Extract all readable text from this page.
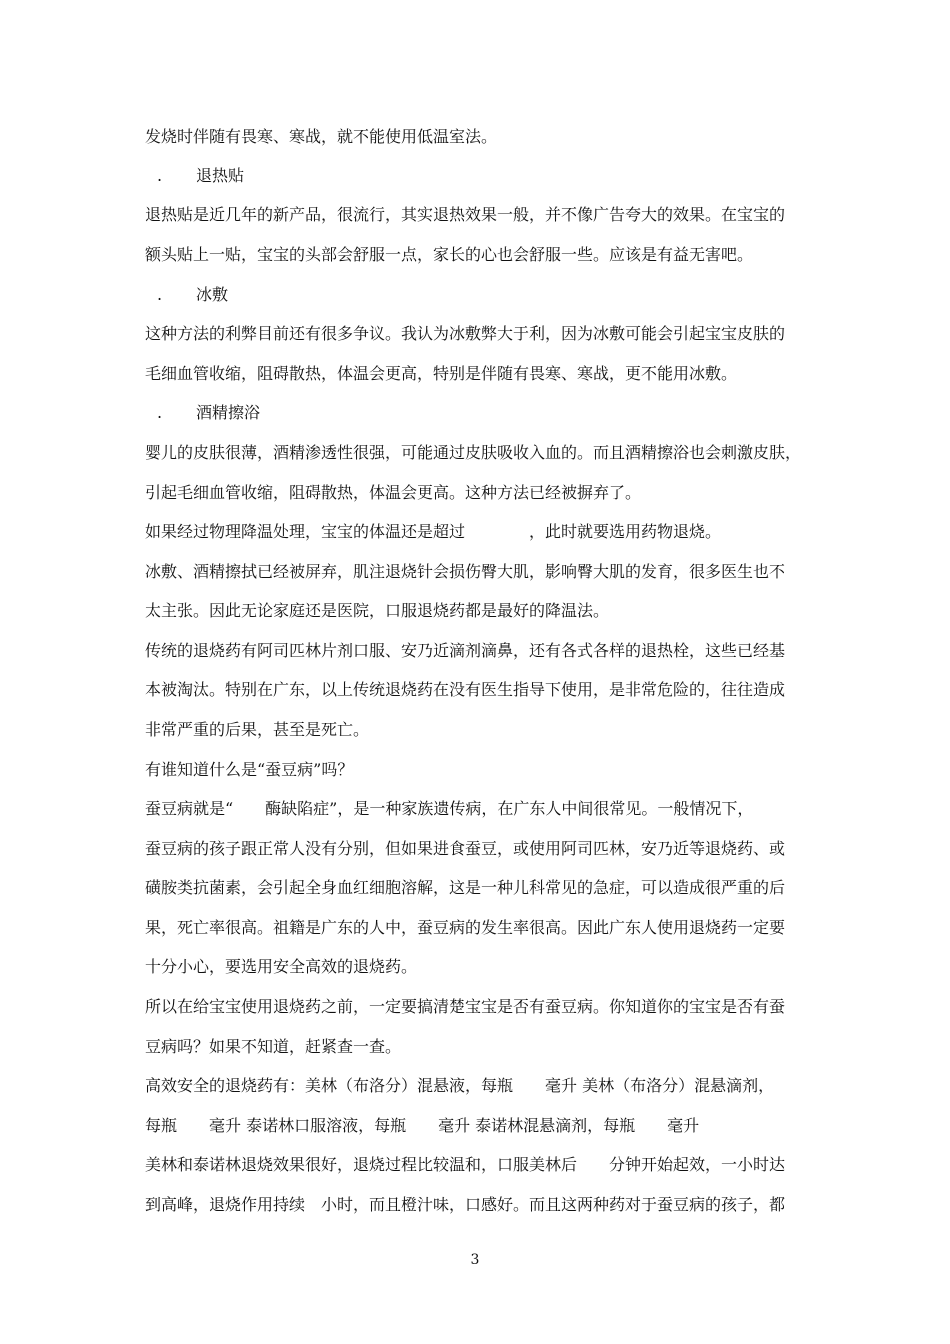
发烧时伴随有畏寒、寒战，就不能使用低温室法。
. 退热贴
退热贴是近几年的新产品，很流行，其实退热效果一般，并不像广告夸大的效果。在宝宝的
额头贴上一贴，宝宝的头部会舒服一点，家长的心也会舒服一些。应该是有益无害吧。
. 冰敷
这种方法的利弊目前还有很多争议。我认为冰敷弊大于利，因为冰敷可能会引起宝宝皮肤的
毛细血管收缩，阻碍散热，体温会更高，特别是伴随有畏寒、寒战，更不能用冰敷。
. 酒精擦浴
婴儿的皮肤很薄，酒精渗透性很强，可能通过皮肤吸收入血的。而且酒精擦浴也会刺激皮肤，
引起毛细血管收缩，阻碍散热，体温会更高。这种方法已经被摒弃了。
如果经过物理降温处理，宝宝的体温还是超过　　　　，此时就要选用药物退烧。
冰敷、酒精擦拭已经被屏弃，肌注退烧针会损伤臀大肌，影响臀大肌的发育，很多医生也不
太主张。因此无论家庭还是医院，口服退烧药都是最好的降温法。
传统的退烧药有阿司匹林片剂口服、安乃近滴剂滴鼻，还有各式各样的退热栓，这些已经基
本被淘汰。特别在广东，以上传统退烧药在没有医生指导下使用，是非常危险的，往往造成
非常严重的后果，甚至是死亡。
有谁知道什么是“蚕豆病”吗？
蚕豆病就是“　　酶缺陷症”，是一种家族遗传病，在广东人中间很常见。一般情况下，
蚕豆病的孩子跟正常人没有分别，但如果进食蚕豆，或使用阿司匹林，安乃近等退烧药、或
磺胺类抗菌素，会引起全身血红细胞溶解，这是一种儿科常见的急症，可以造成很严重的后
果，死亡率很高。祖籍是广东的人中，蚕豆病的发生率很高。因此广东人使用退烧药一定要
十分小心，要选用安全高效的退烧药。
所以在给宝宝使用退烧药之前，一定要搞清楚宝宝是否有蚕豆病。你知道你的宝宝是否有蚕
豆病吗？如果不知道，赶紧查一查。
高效安全的退烧药有：美林（布洛分）混悬液，每瓶　　毫升 美林（布洛分）混悬滴剂，
每瓶　　毫升 泰诺林口服溶液，每瓶　　毫升 泰诺林混悬滴剂，每瓶　　毫升
美林和泰诺林退烧效果很好，退烧过程比较温和，口服美林后　　分钟开始起效，一小时达
到高峰，退烧作用持续　小时，而且橙汁味，口感好。而且这两种药对于蚕豆病的孩子，都
3
